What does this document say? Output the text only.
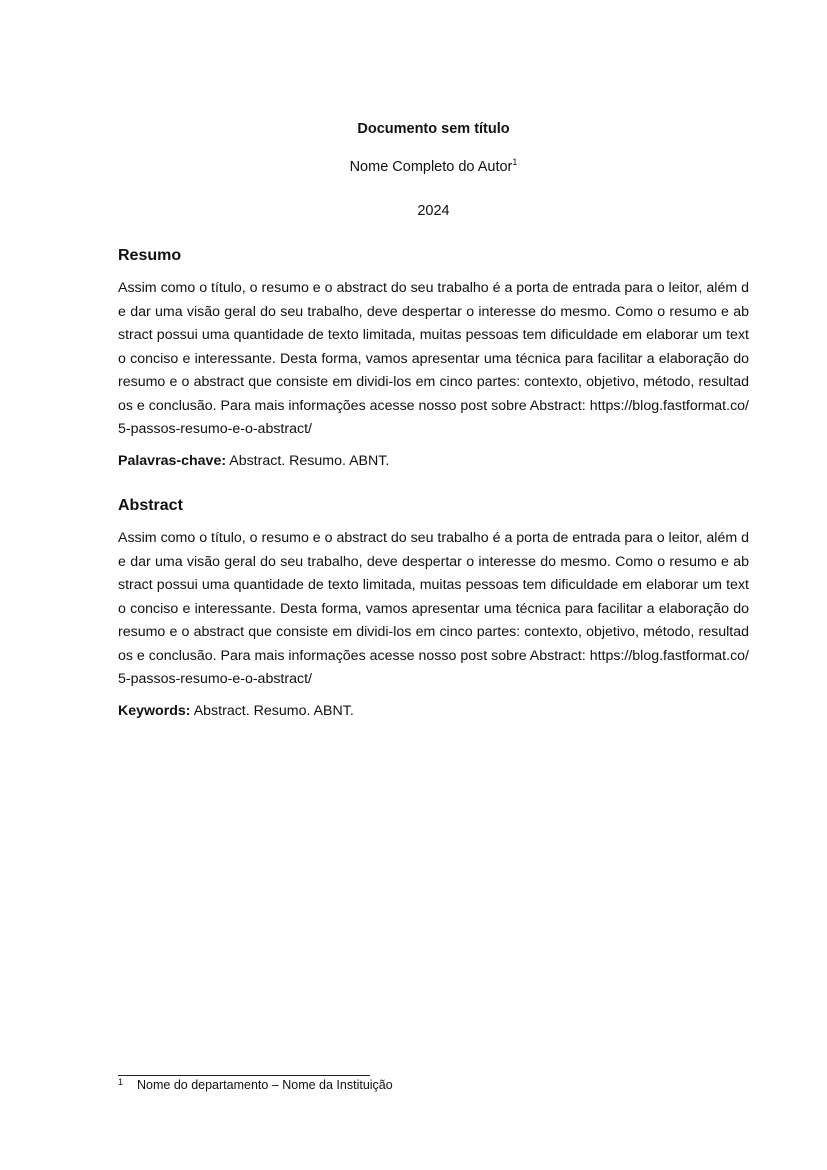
Documento sem título
Nome Completo do Autor$^1$
2024
Resumo

Assim como o título, o resumo e o abstract do seu trabalho é a porta de entrada para o leitor, além de dar uma visão geral do seu trabalho, deve despertar o interesse do mesmo. Como o resumo e abstract possui uma quantidade de texto limitada, muitas pessoas tem dificuldade em elaborar um texto conciso e interessante. Desta forma, vamos apresentar uma técnica para facilitar a elaboração do resumo e o abstract que consiste em dividi-los em cinco partes: contexto, objetivo, método, resultados e conclusão. Para mais informações acesse nosso post sobre Abstract: https://blog.fastformat.co/5-passos-resumo-e-o-abstract/

Palavras-chave: Abstract. Resumo. ABNT.

Abstract

Assim como o título, o resumo e o abstract do seu trabalho é a porta de entrada para o leitor, além de dar uma visão geral do seu trabalho, deve despertar o interesse do mesmo. Como o resumo e abstract possui uma quantidade de texto limitada, muitas pessoas tem dificuldade em elaborar um texto conciso e interessante. Desta forma, vamos apresentar uma técnica para facilitar a elaboração do resumo e o abstract que consiste em dividi-los em cinco partes: contexto, objetivo, método, resultados e conclusão. Para mais informações acesse nosso post sobre Abstract: https://blog.fastformat.co/5-passos-resumo-e-o-abstract/

Keywords: Abstract. Resumo. ABNT.

1 Nome do departamento – Nome da Instituição
